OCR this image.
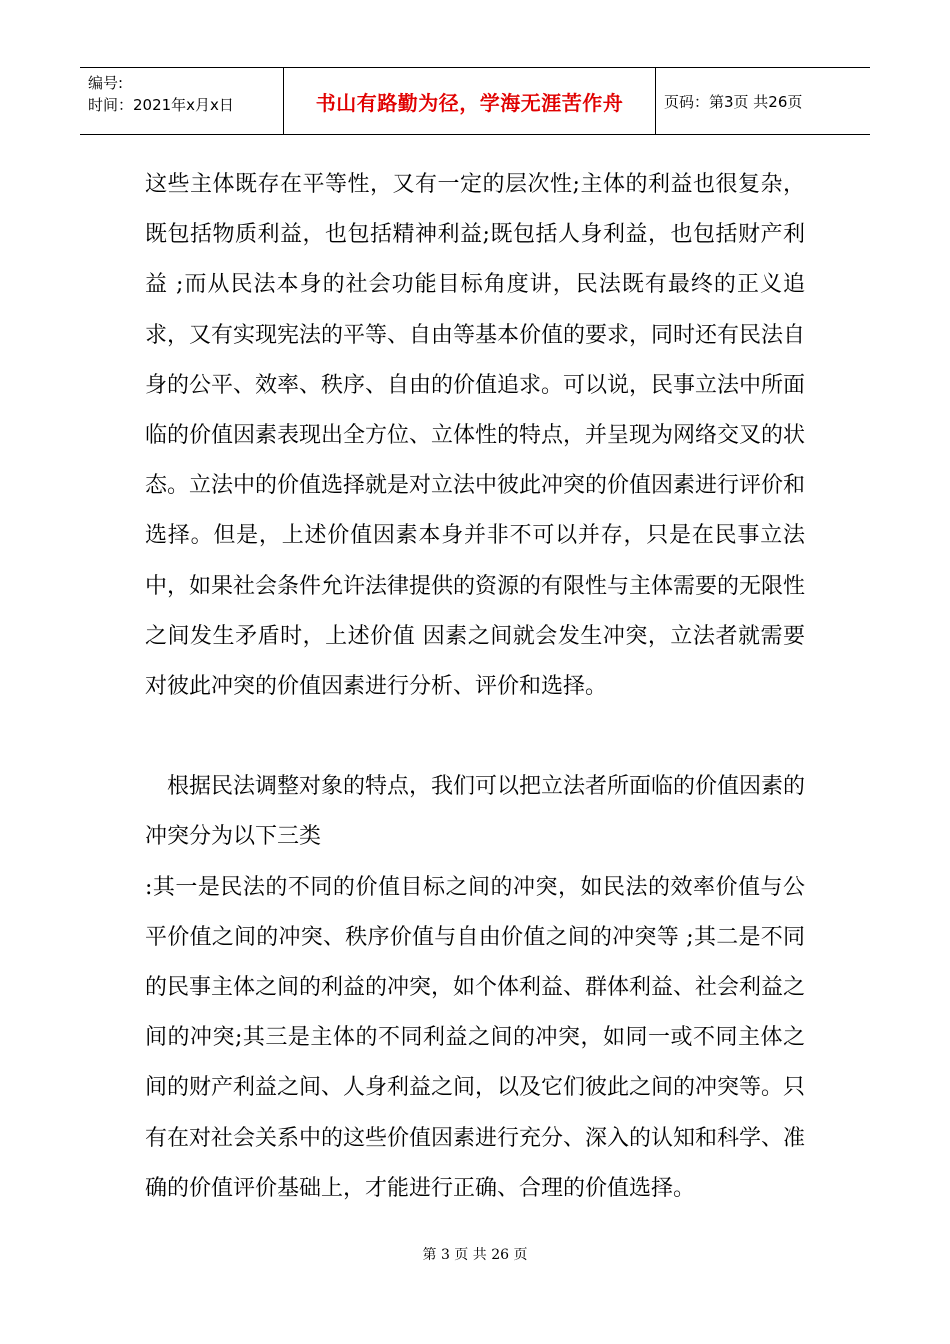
编号:
时间：2021年x月x日	书山有路勤为径，学海无涯苦作舟	页码：第3页 共26页

这些主体既存在平等性，又有一定的层次性;主体的利益也很复杂，既包括物质利益，也包括精神利益;既包括人身利益，也包括财产利益 ;而从民法本身的社会功能目标角度讲，民法既有最终的正义追求，又有实现宪法的平等、自由等基本价值的要求，同时还有民法自身的公平、效率、秩序、自由的价值追求。可以说，民事立法中所面临的价值因素表现出全方位、立体性的特点，并呈现为网络交叉的状态。立法中的价值选择就是对立法中彼此冲突的价值因素进行评价和选择。但是，上述价值因素本身并非不可以并存，只是在民事立法中，如果社会条件允许法律提供的资源的有限性与主体需要的无限性之间发生矛盾时，上述价值 因素之间就会发生冲突，立法者就需要对彼此冲突的价值因素进行分析、评价和选择。

根据民法调整对象的特点，我们可以把立法者所面临的价值因素的冲突分为以下三类

:其一是民法的不同的价值目标之间的冲突，如民法的效率价值与公平价值之间的冲突、秩序价值与自由价值之间的冲突等 ;其二是不同的民事主体之间的利益的冲突，如个体利益、群体利益、社会利益之间的冲突;其三是主体的不同利益之间的冲突，如同一或不同主体之间的财产利益之间、人身利益之间，以及它们彼此之间的冲突等。只有在对社会关系中的这些价值因素进行充分、深入的认知和科学、准确的价值评价基础上，才能进行正确、合理的价值选择。

第 3 页 共 26 页
